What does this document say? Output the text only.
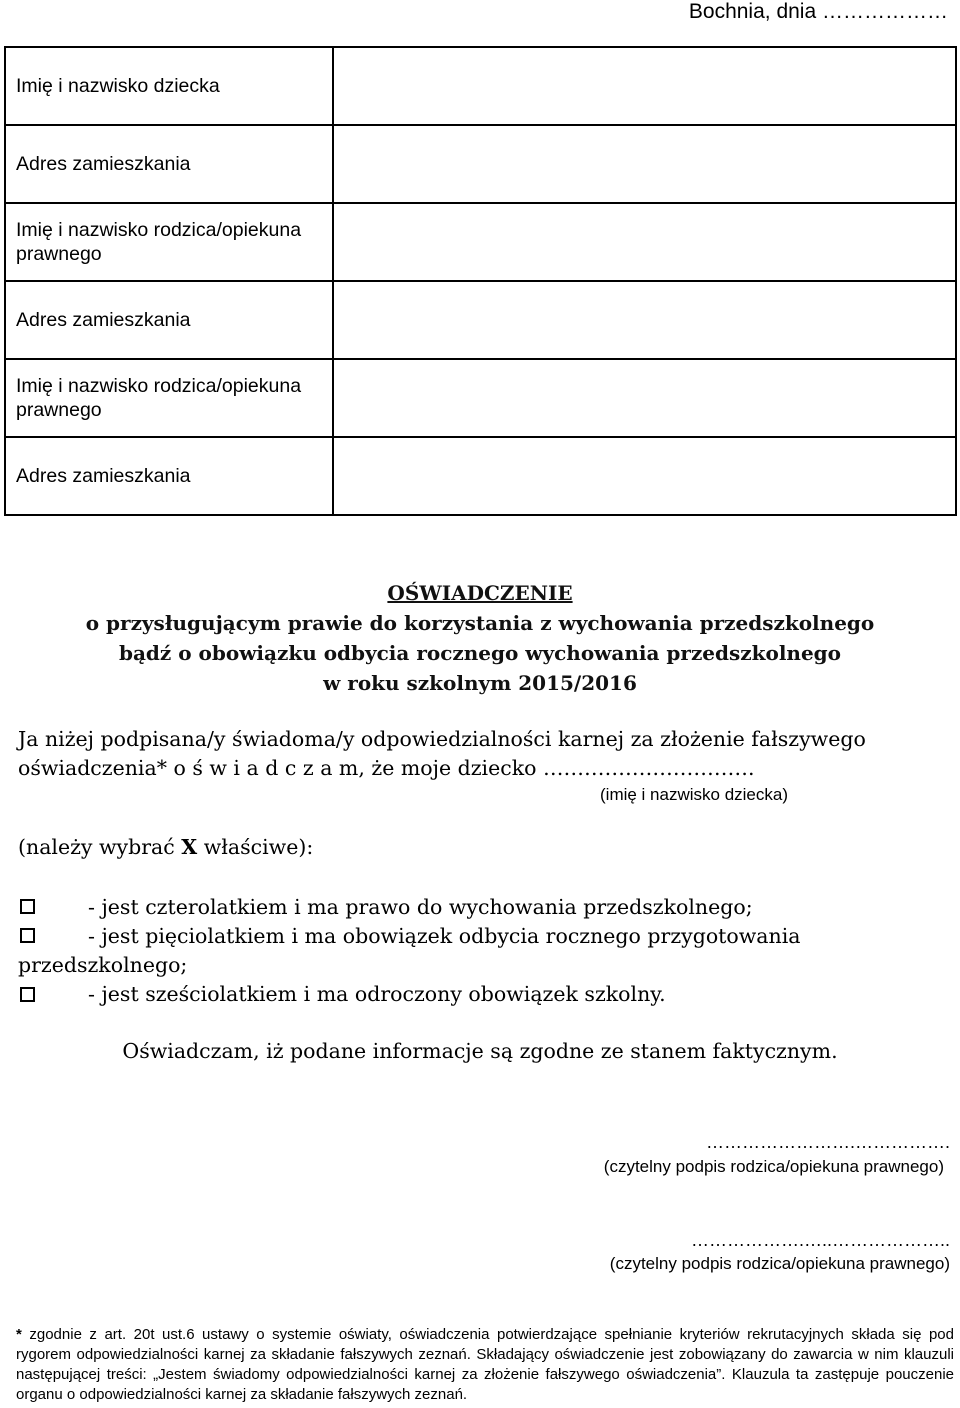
Bochnia, dnia ………………
Imię i nazwisko dziecka	
Adres zamieszkania	
Imię i nazwisko rodzica/opiekuna prawnego	
Adres zamieszkania	
Imię i nazwisko rodzica/opiekuna prawnego	
Adres zamieszkania	
OŚWIADCZENIE
o przysługującym prawie do korzystania z wychowania przedszkolnego
bądź o obowiązku odbycia rocznego wychowania przedszkolnego
w roku szkolnym 2015/2016
Ja niżej podpisana/y świadoma/y odpowiedzialności karnej za złożenie fałszywego
oświadczenia* o ś w i a d c z a m, że moje dziecko ………………………….
(imię i nazwisko dziecka)
(należy wybrać X właściwe):
- jest czterolatkiem i ma prawo do wychowania przedszkolnego;
- jest pięciolatkiem i ma obowiązek odbycia rocznego przygotowania
przedszkolnego;
- jest sześciolatkiem i ma odroczony obowiązek szkolny.
Oświadczam, iż podane informacje są zgodne ze stanem faktycznym.
…………………….…………….
(czytelny podpis rodzica/opiekuna prawnego)
……………….…..………………..
(czytelny podpis rodzica/opiekuna prawnego)
* zgodnie z art. 20t ust.6 ustawy o systemie oświaty, oświadczenia potwierdzające spełnianie kryteriów rekrutacyjnych składa się pod rygorem odpowiedzialności karnej za składanie fałszywych zeznań. Składający oświadczenie jest zobowiązany do zawarcia w nim klauzuli następującej treści: „Jestem świadomy odpowiedzialności karnej za złożenie fałszywego oświadczenia”. Klauzula ta zastępuje pouczenie organu o odpowiedzialności karnej za składanie fałszywych zeznań.
